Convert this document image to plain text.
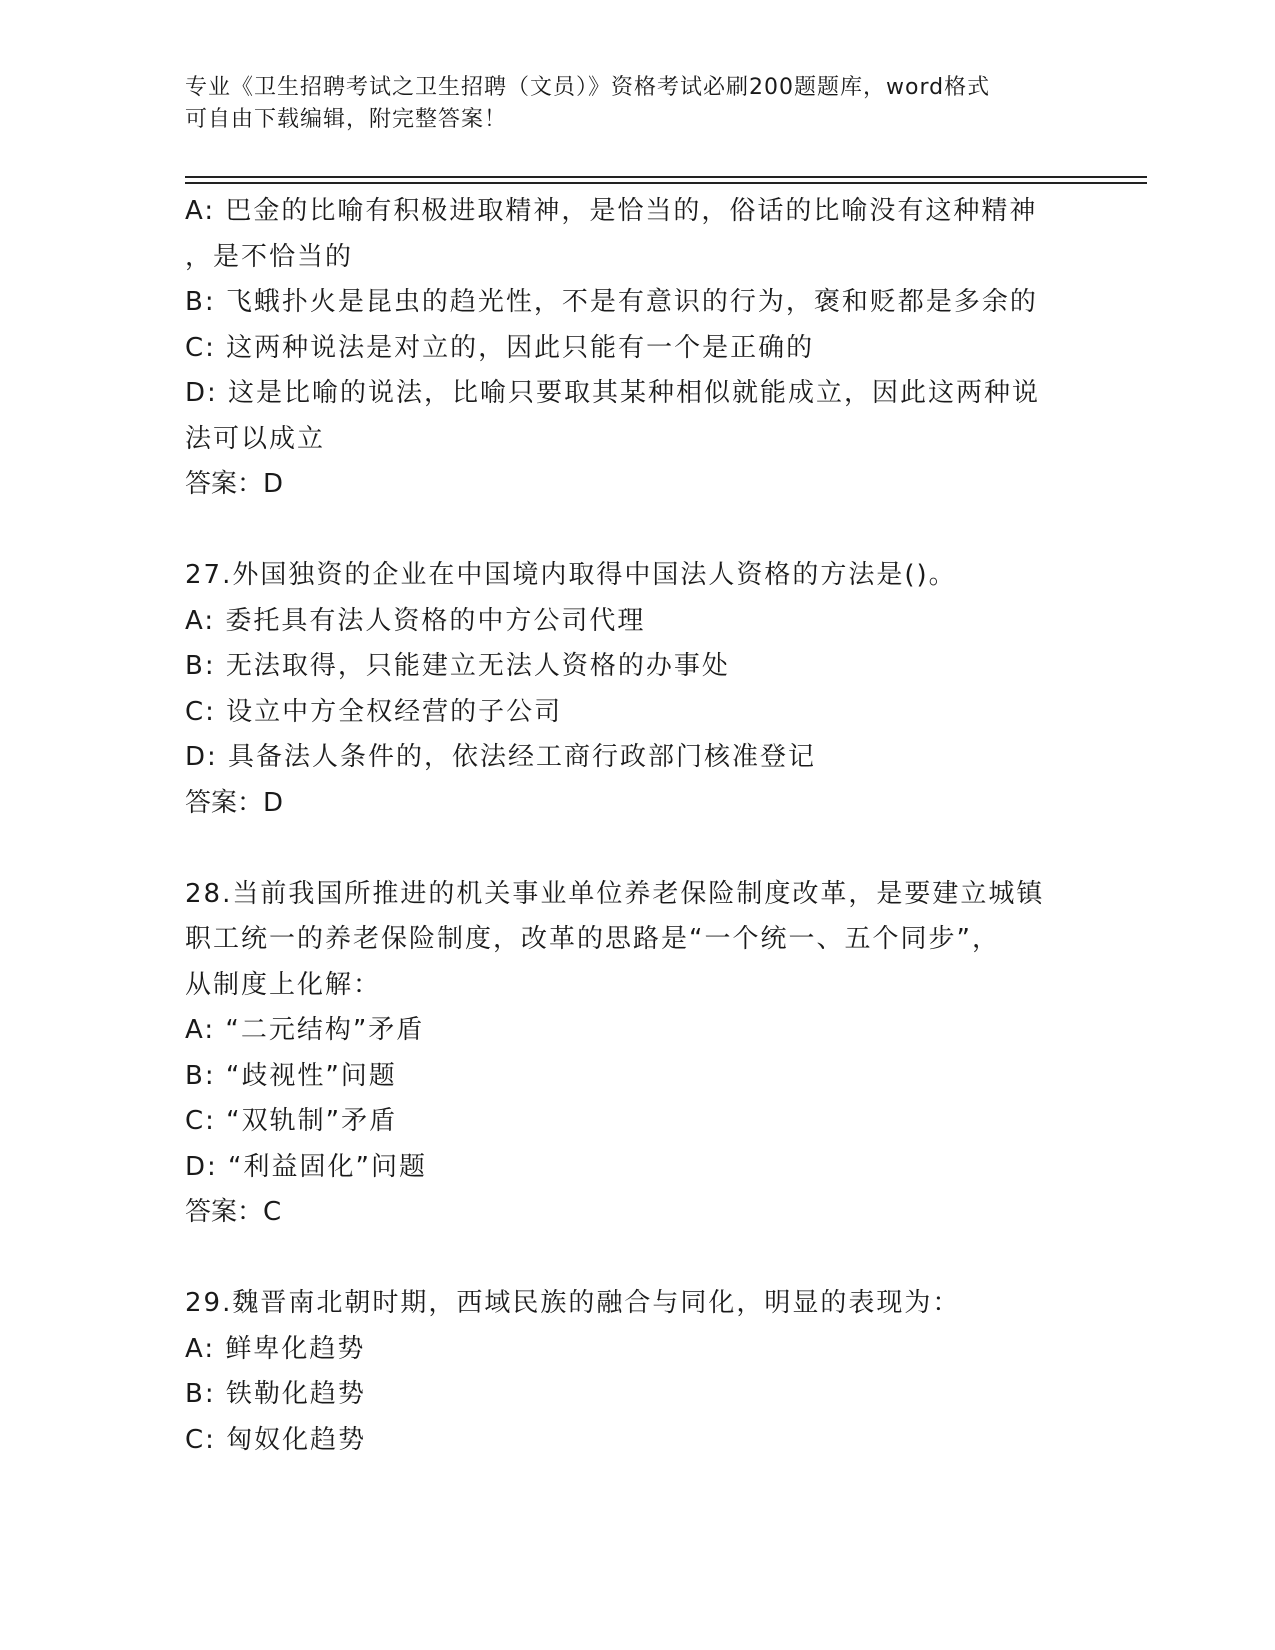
专业《卫生招聘考试之卫生招聘（文员）》资格考试必刷200题题库，word格式
可自由下载编辑，附完整答案！
A: 巴金的比喻有积极进取精神，是恰当的，俗话的比喻没有这种精神
，是不恰当的
B: 飞蛾扑火是昆虫的趋光性，不是有意识的行为，褒和贬都是多余的
C: 这两种说法是对立的，因此只能有一个是正确的
D: 这是比喻的说法，比喻只要取其某种相似就能成立，因此这两种说
法可以成立
答案：D
27.外国独资的企业在中国境内取得中国法人资格的方法是()。
A: 委托具有法人资格的中方公司代理
B: 无法取得，只能建立无法人资格的办事处
C: 设立中方全权经营的子公司
D: 具备法人条件的，依法经工商行政部门核准登记
答案：D
28.当前我国所推进的机关事业单位养老保险制度改革，是要建立城镇
职工统一的养老保险制度，改革的思路是“一个统一、五个同步”，
从制度上化解：
A: “二元结构”矛盾
B: “歧视性”问题
C: “双轨制”矛盾
D: “利益固化”问题
答案：C
29.魏晋南北朝时期，西域民族的融合与同化，明显的表现为：
A: 鲜卑化趋势
B: 铁勒化趋势
C: 匈奴化趋势
